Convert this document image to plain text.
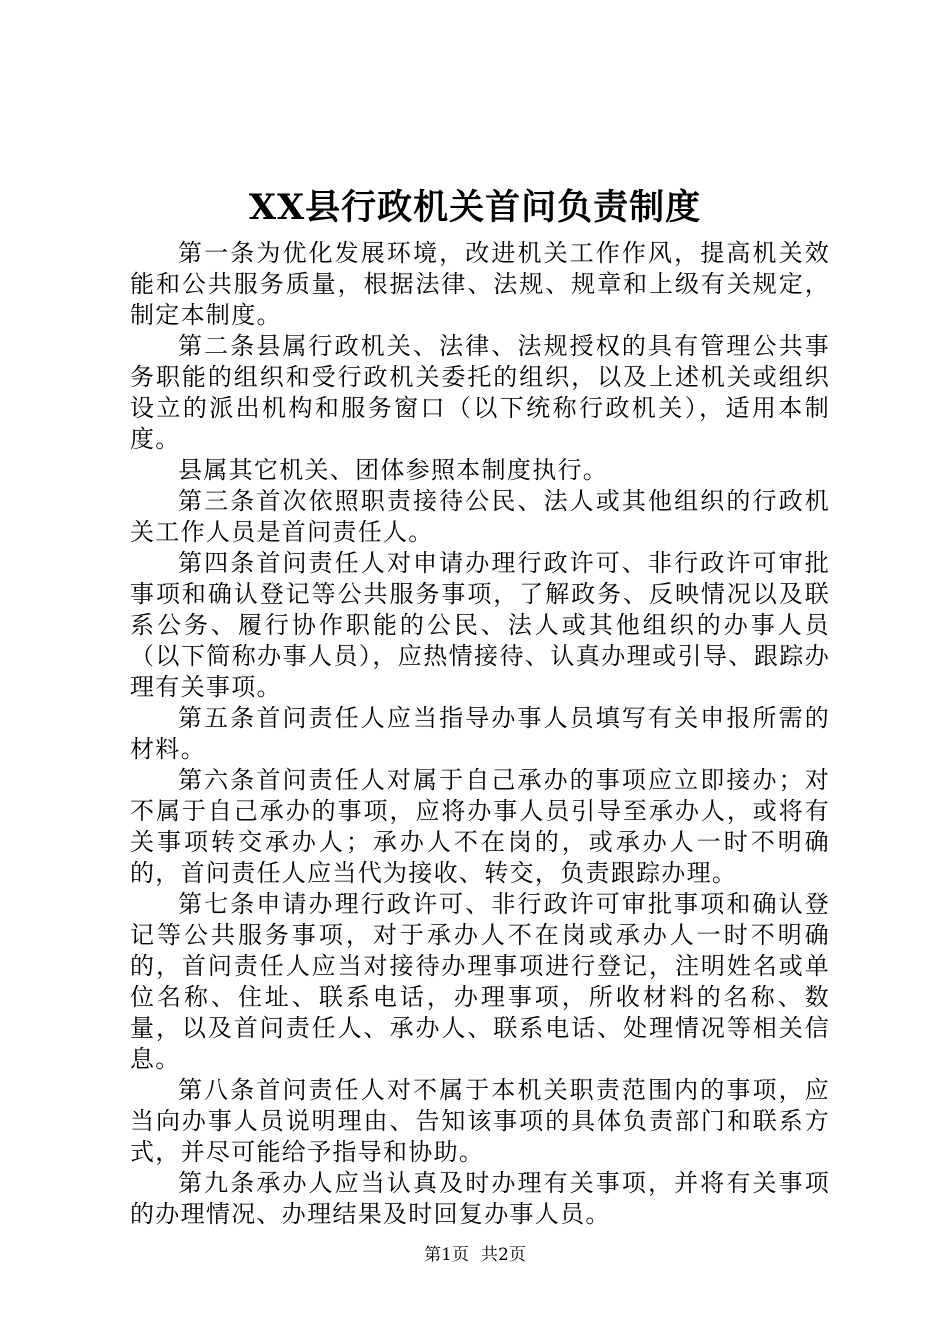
XX县行政机关首问负责制度

第一条为优化发展环境，改进机关工作作风，提高机关效能和公共服务质量，根据法律、法规、规章和上级有关规定，制定本制度。

第二条县属行政机关、法律、法规授权的具有管理公共事务职能的组织和受行政机关委托的组织，以及上述机关或组织设立的派出机构和服务窗口（以下统称行政机关），适用本制度。

县属其它机关、团体参照本制度执行。

第三条首次依照职责接待公民、法人或其他组织的行政机关工作人员是首问责任人。

第四条首问责任人对申请办理行政许可、非行政许可审批事项和确认登记等公共服务事项，了解政务、反映情况以及联系公务、履行协作职能的公民、法人或其他组织的办事人员（以下简称办事人员），应热情接待、认真办理或引导、跟踪办理有关事项。

第五条首问责任人应当指导办事人员填写有关申报所需的材料。

第六条首问责任人对属于自己承办的事项应立即接办；对不属于自己承办的事项，应将办事人员引导至承办人，或将有关事项转交承办人；承办人不在岗的，或承办人一时不明确的，首问责任人应当代为接收、转交，负责跟踪办理。

第七条申请办理行政许可、非行政许可审批事项和确认登记等公共服务事项，对于承办人不在岗或承办人一时不明确的，首问责任人应当对接待办理事项进行登记，注明姓名或单位名称、住址、联系电话，办理事项，所收材料的名称、数量，以及首问责任人、承办人、联系电话、处理情况等相关信息。

第八条首问责任人对不属于本机关职责范围内的事项，应当向办事人员说明理由、告知该事项的具体负责部门和联系方式，并尽可能给予指导和协助。

第九条承办人应当认真及时办理有关事项，并将有关事项的办理情况、办理结果及时回复办事人员。

第1页 共2页
